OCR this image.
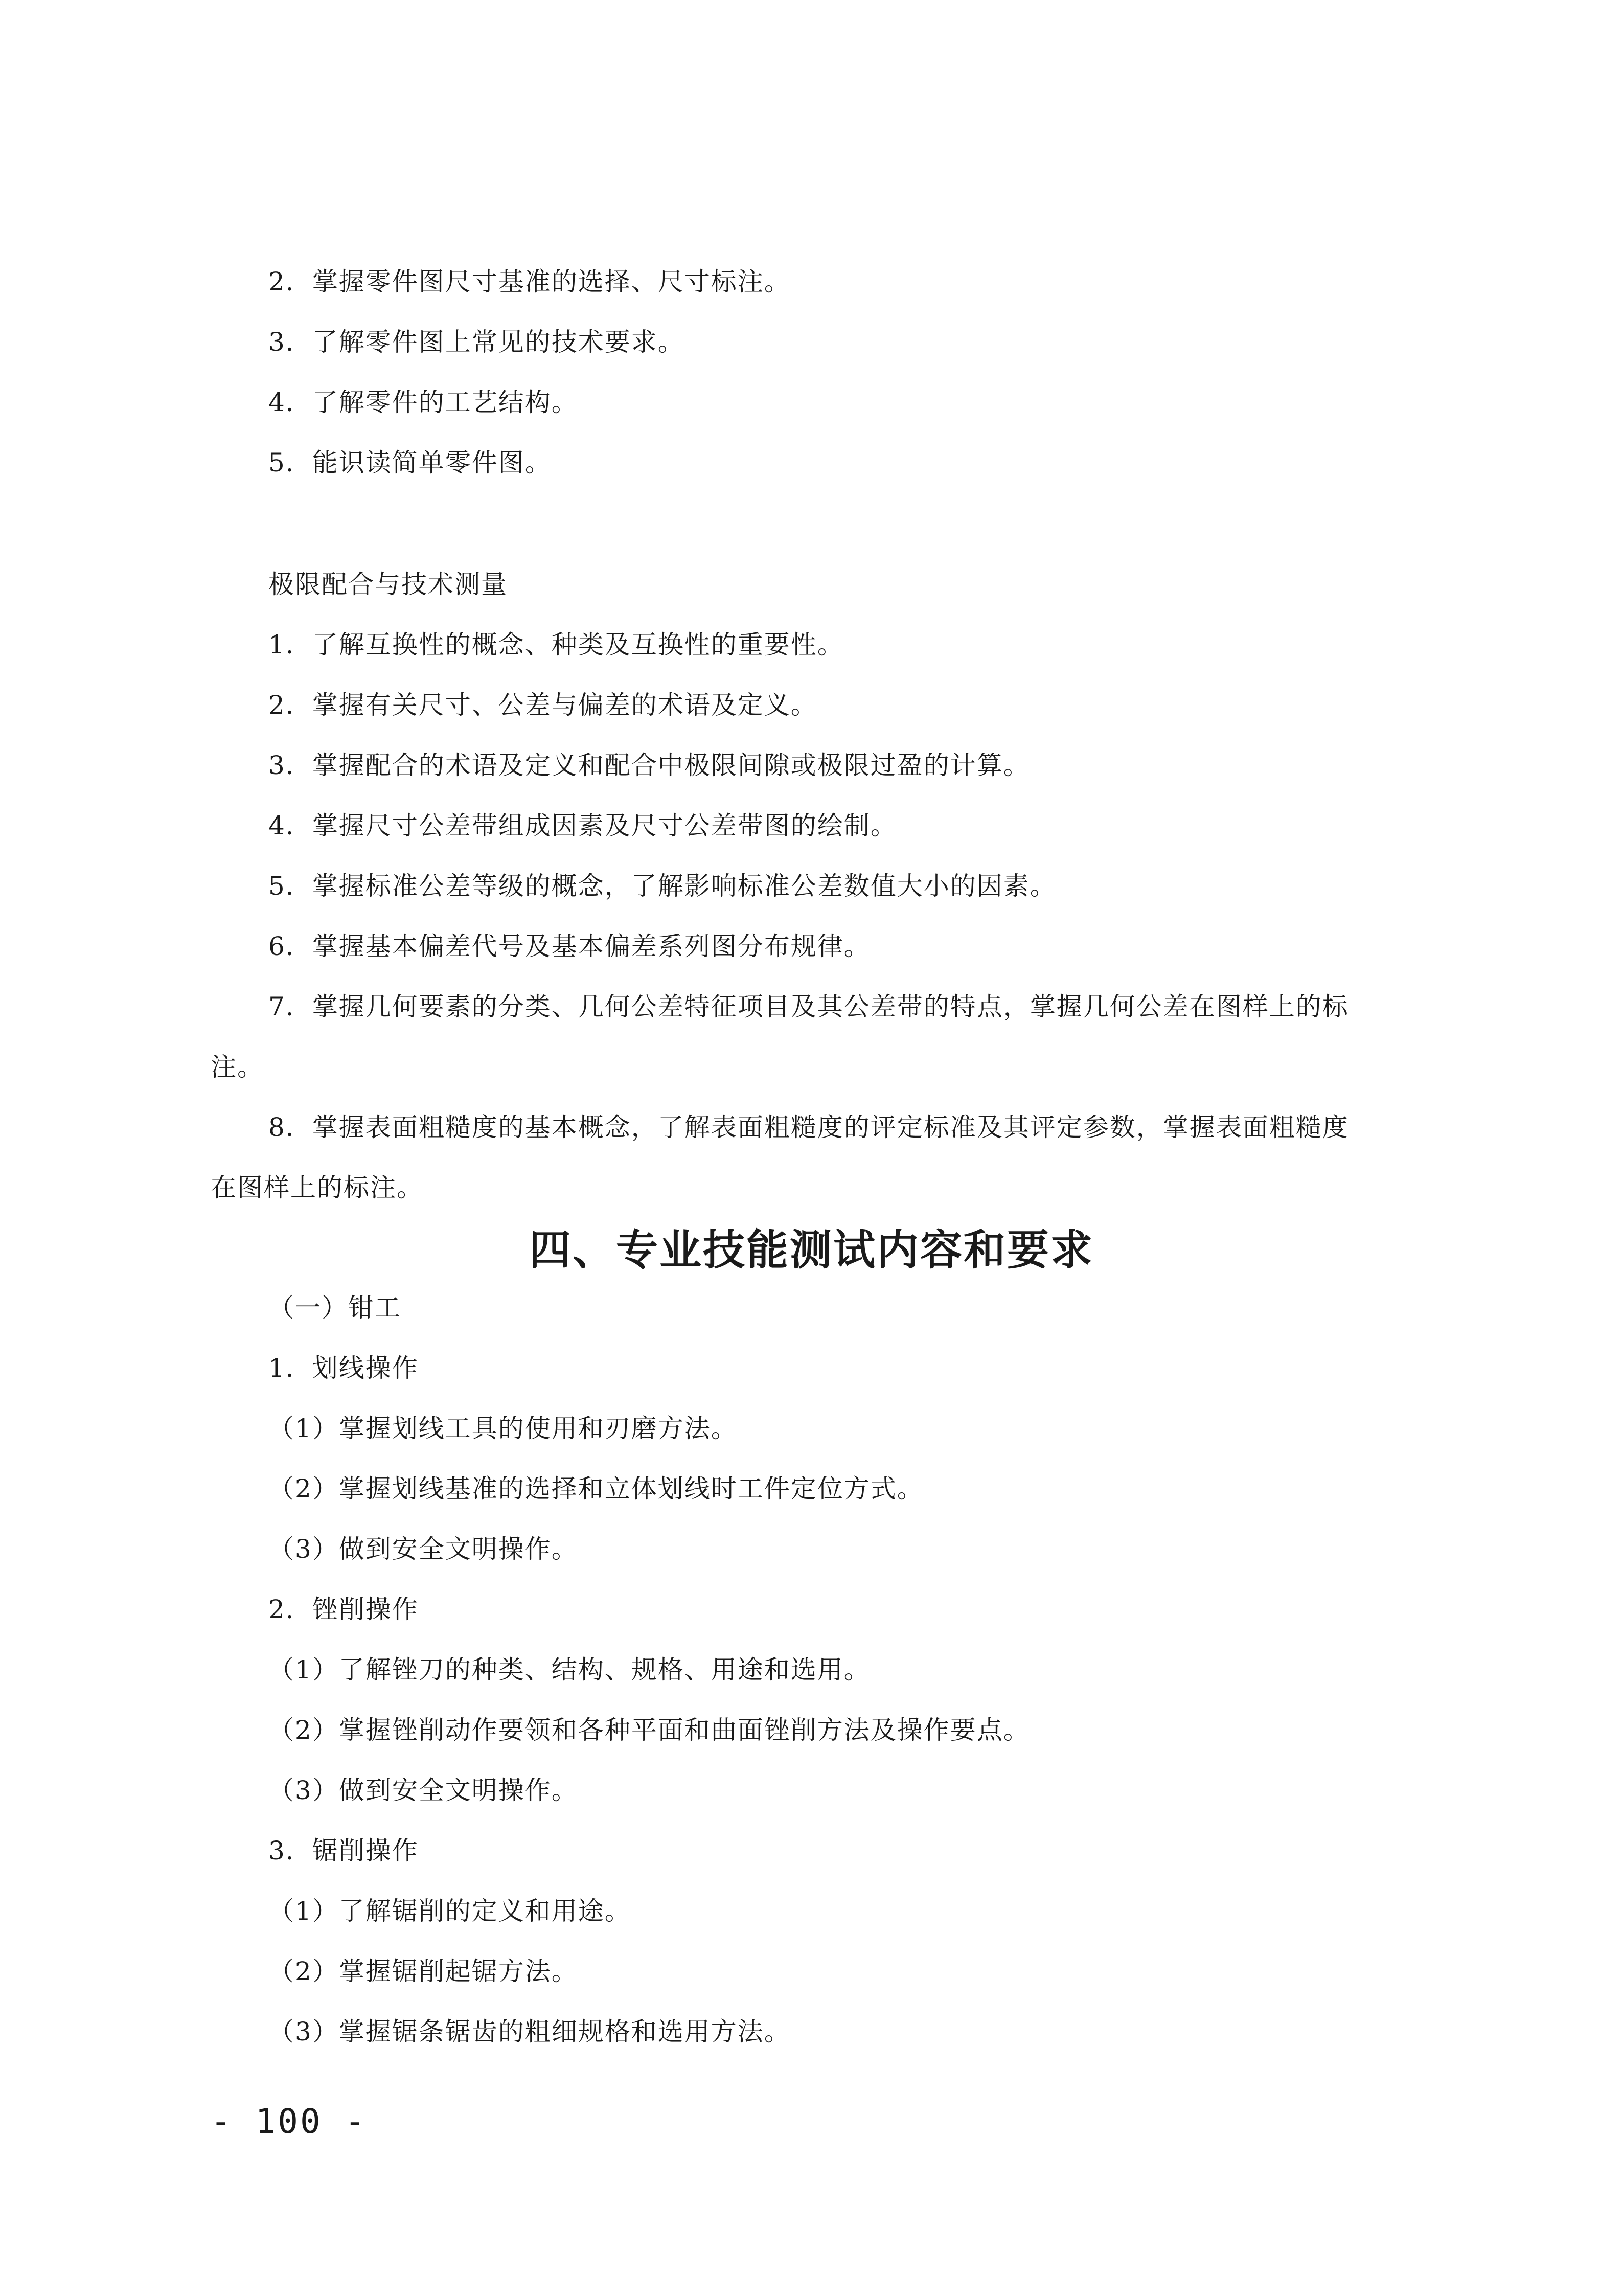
2．掌握零件图尺寸基准的选择、尺寸标注。
3．了解零件图上常见的技术要求。
4．了解零件的工艺结构。
5．能识读简单零件图。
极限配合与技术测量
1．了解互换性的概念、种类及互换性的重要性。
2．掌握有关尺寸、公差与偏差的术语及定义。
3．掌握配合的术语及定义和配合中极限间隙或极限过盈的计算。
4．掌握尺寸公差带组成因素及尺寸公差带图的绘制。
5．掌握标准公差等级的概念，了解影响标准公差数值大小的因素。
6．掌握基本偏差代号及基本偏差系列图分布规律。
7．掌握几何要素的分类、几何公差特征项目及其公差带的特点，掌握几何公差在图样上的标
注。
8．掌握表面粗糙度的基本概念，了解表面粗糙度的评定标准及其评定参数，掌握表面粗糙度
在图样上的标注。
四、专业技能测试内容和要求
（一）钳工
1．划线操作
（1）掌握划线工具的使用和刃磨方法。
（2）掌握划线基准的选择和立体划线时工件定位方式。
（3）做到安全文明操作。
2．锉削操作
（1）了解锉刀的种类、结构、规格、用途和选用。
（2）掌握锉削动作要领和各种平面和曲面锉削方法及操作要点。
（3）做到安全文明操作。
3．锯削操作
（1）了解锯削的定义和用途。
（2）掌握锯削起锯方法。
（3）掌握锯条锯齿的粗细规格和选用方法。
- 100 -
